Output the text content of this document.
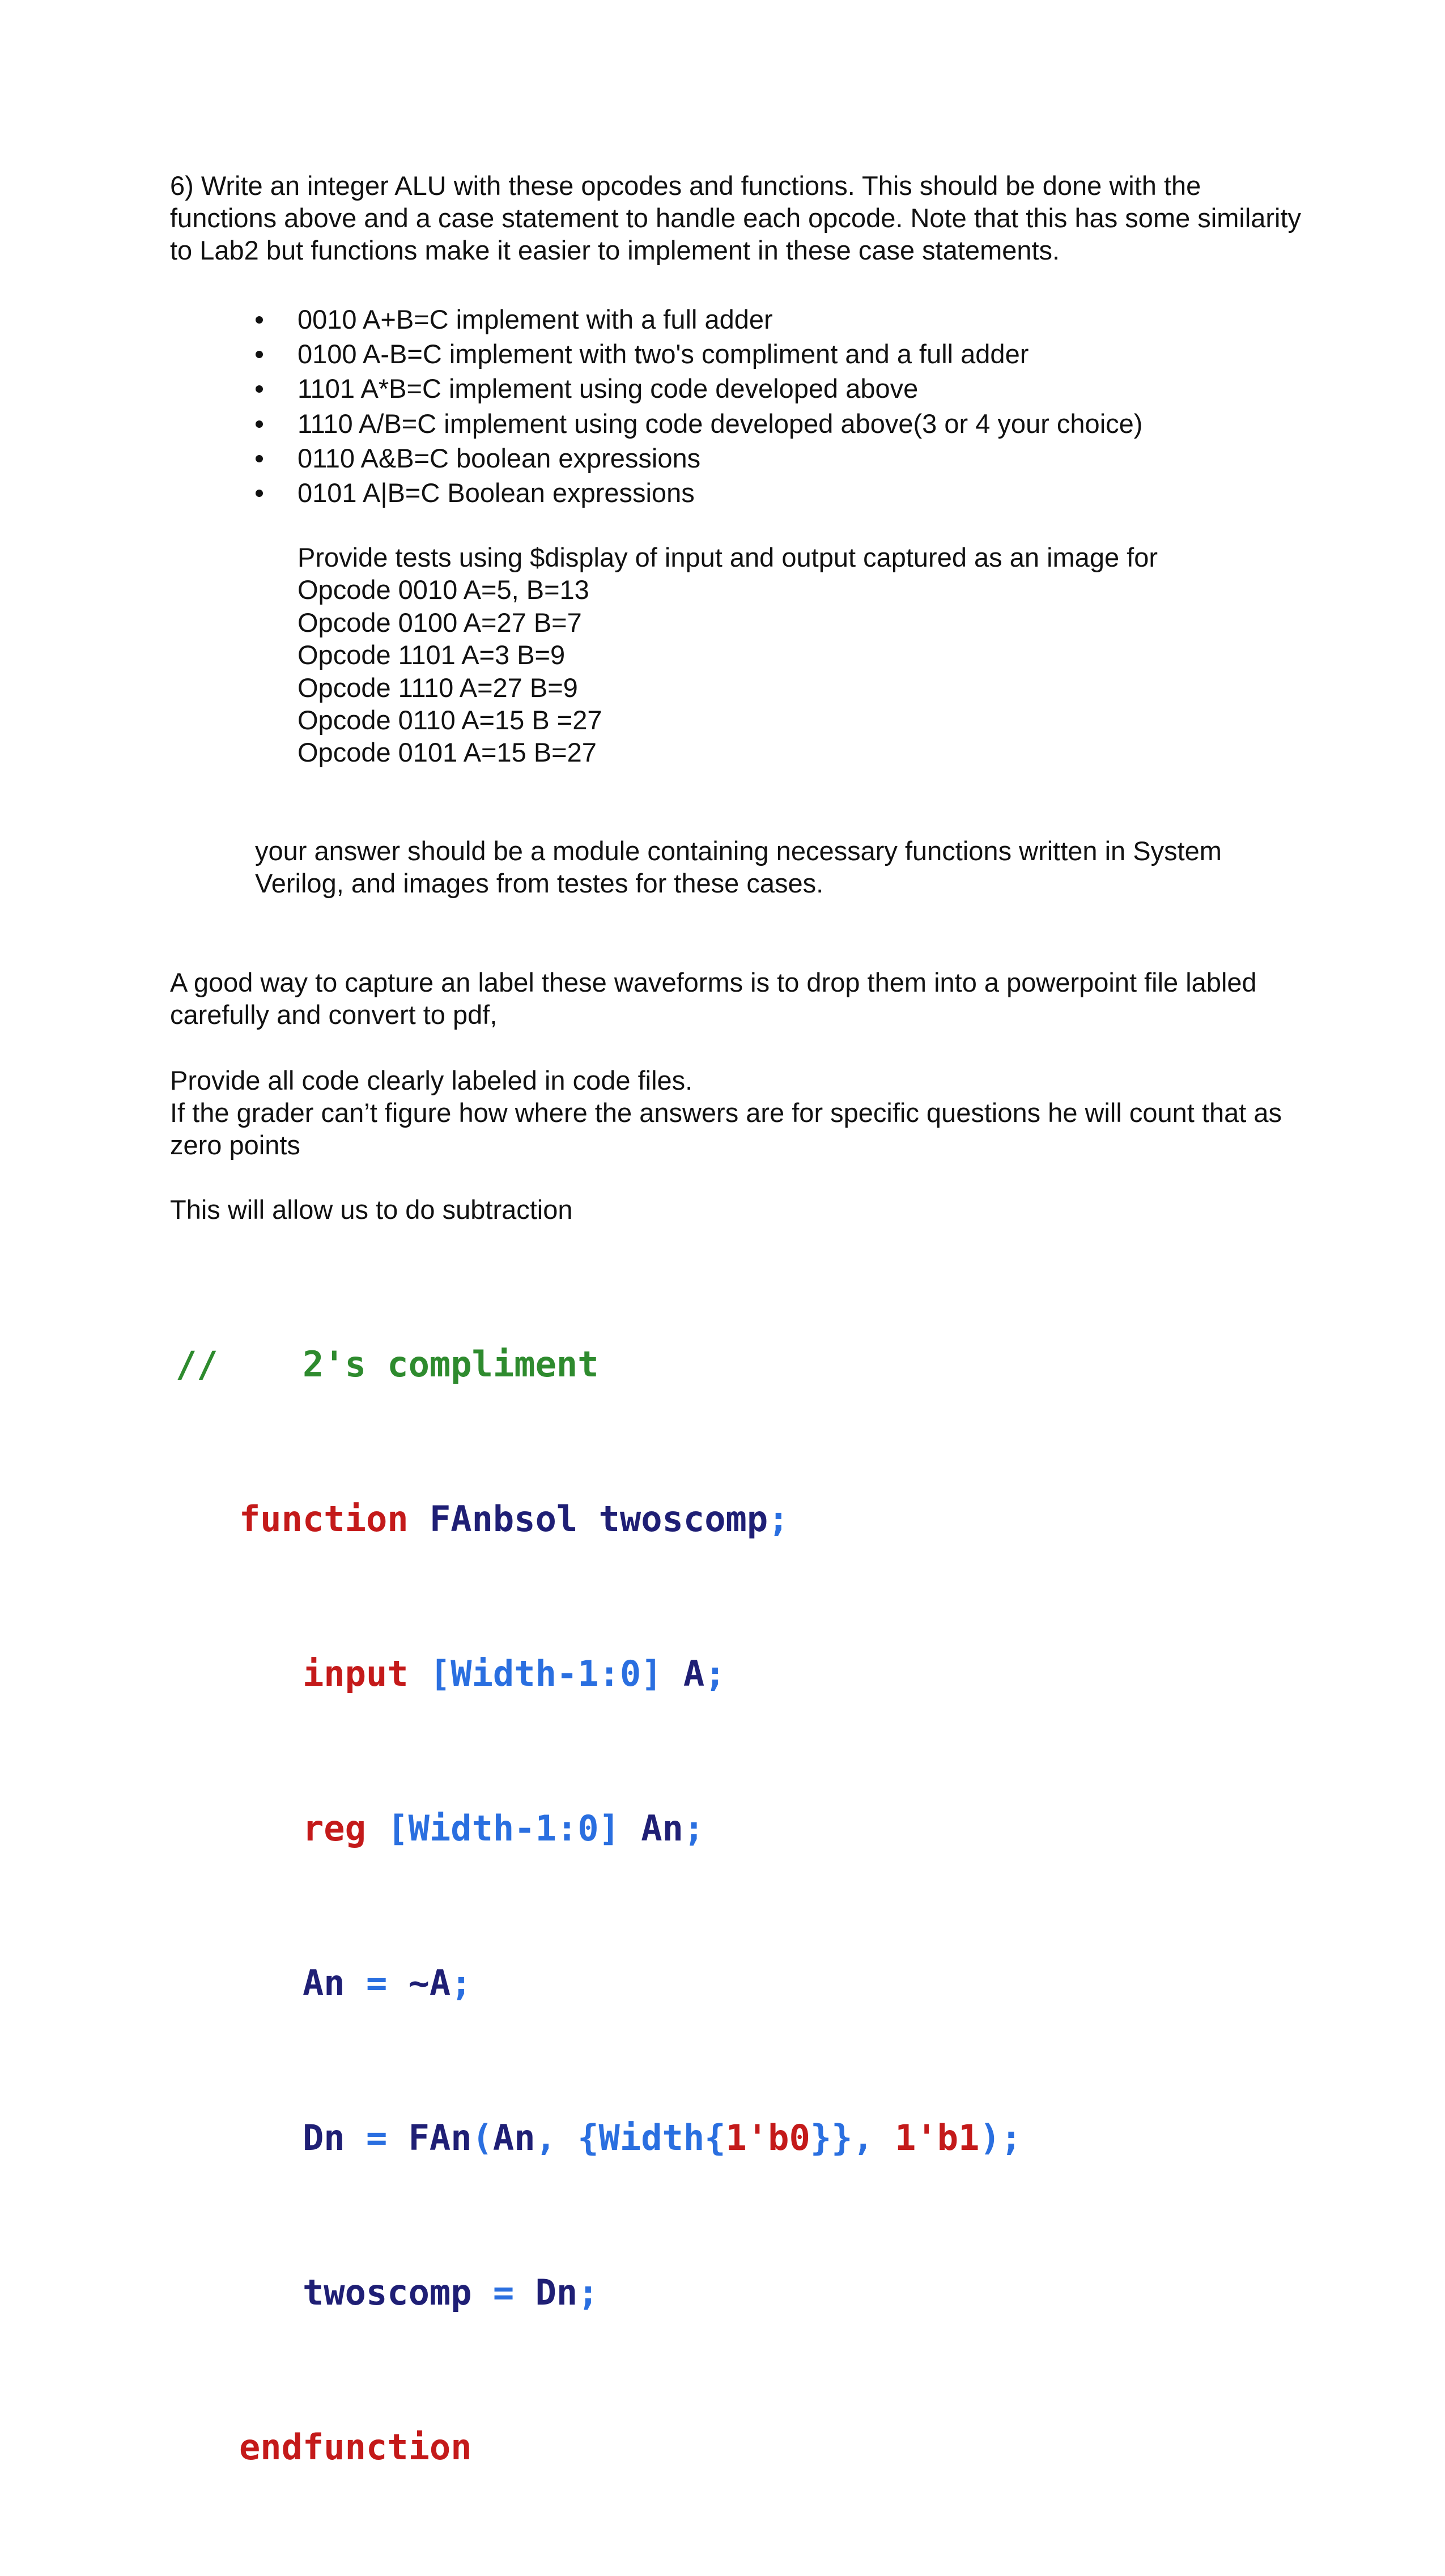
6) Write an integer ALU with these opcodes and functions. This should be done with the functions above and a case statement to handle each opcode. Note that this has some similarity to Lab2 but functions make it easier to implement in these case statements.

0010 A+B=C implement with a full adder
0100 A-B=C implement with two's compliment and a full adder
1101 A*B=C implement using code developed above
1110 A/B=C implement using code developed above(3 or 4 your choice)
0110 A&B=C boolean expressions
0101 A|B=C Boolean expressions
Provide tests using $display of input and output captured as an image for
Opcode 0010 A=5, B=13
Opcode 0100 A=27 B=7
Opcode 1101 A=3 B=9
Opcode 1110 A=27 B=9
Opcode 0110 A=15 B =27
Opcode 0101 A=15 B=27

your answer should be a module containing necessary functions written in System Verilog, and images from testes for these cases.

A good way to capture an label these waveforms is to drop them into a powerpoint file labled carefully and convert to pdf,

Provide all code clearly labeled in code files.
If the grader can’t figure how where the answers are for specific questions he will count that as zero points

This will allow us to do subtraction

// 2's compliment

function FAnbsol twoscomp;

input [Width-1:0] A;

reg [Width-1:0] An;

An = ~A;

Dn = FAn(An, {Width{1'b0}}, 1'b1);

twoscomp = Dn;

endfunction
